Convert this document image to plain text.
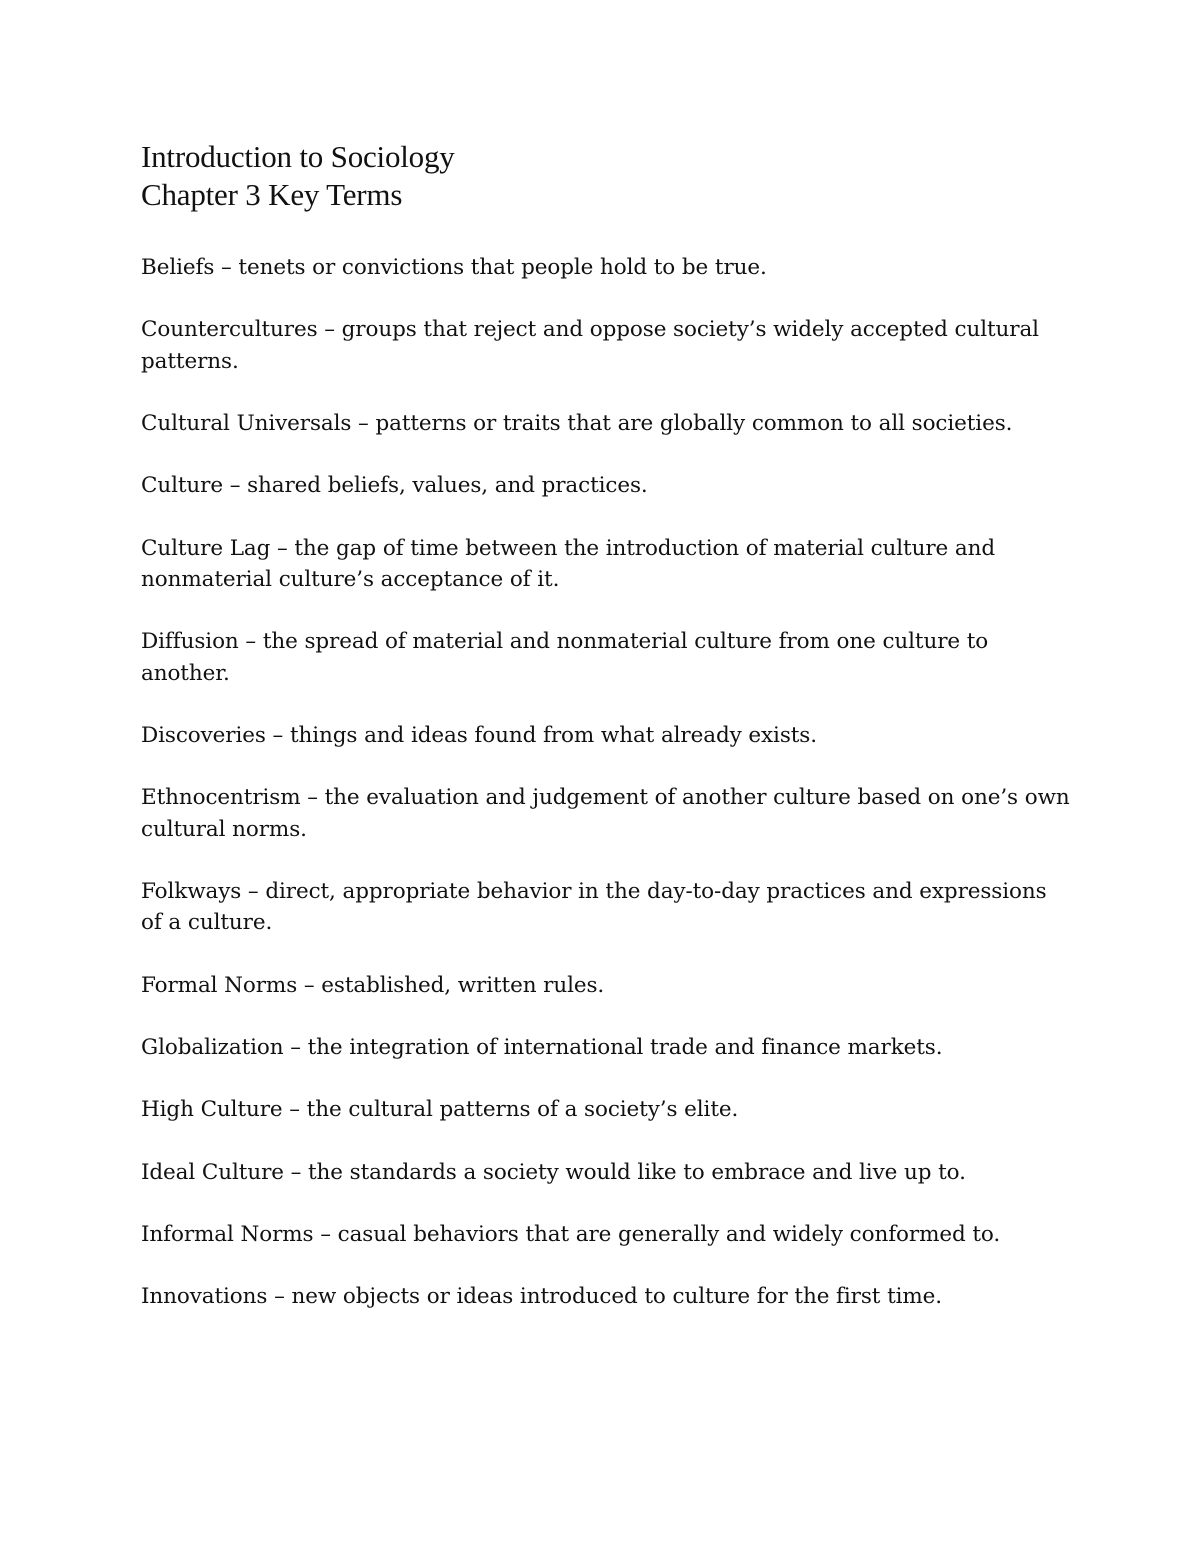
Introduction to Sociology
Chapter 3 Key Terms

Beliefs – tenets or convictions that people hold to be true.

Countercultures – groups that reject and oppose society’s widely accepted cultural patterns.

Cultural Universals – patterns or traits that are globally common to all societies.

Culture – shared beliefs, values, and practices.

Culture Lag – the gap of time between the introduction of material culture and nonmaterial culture’s acceptance of it.

Diffusion – the spread of material and nonmaterial culture from one culture to another.

Discoveries – things and ideas found from what already exists.

Ethnocentrism – the evaluation and judgement of another culture based on one’s own cultural norms.

Folkways – direct, appropriate behavior in the day-to-day practices and expressions of a culture.

Formal Norms – established, written rules.

Globalization – the integration of international trade and finance markets.

High Culture – the cultural patterns of a society’s elite.

Ideal Culture – the standards a society would like to embrace and live up to.

Informal Norms – casual behaviors that are generally and widely conformed to.

Innovations – new objects or ideas introduced to culture for the first time.
